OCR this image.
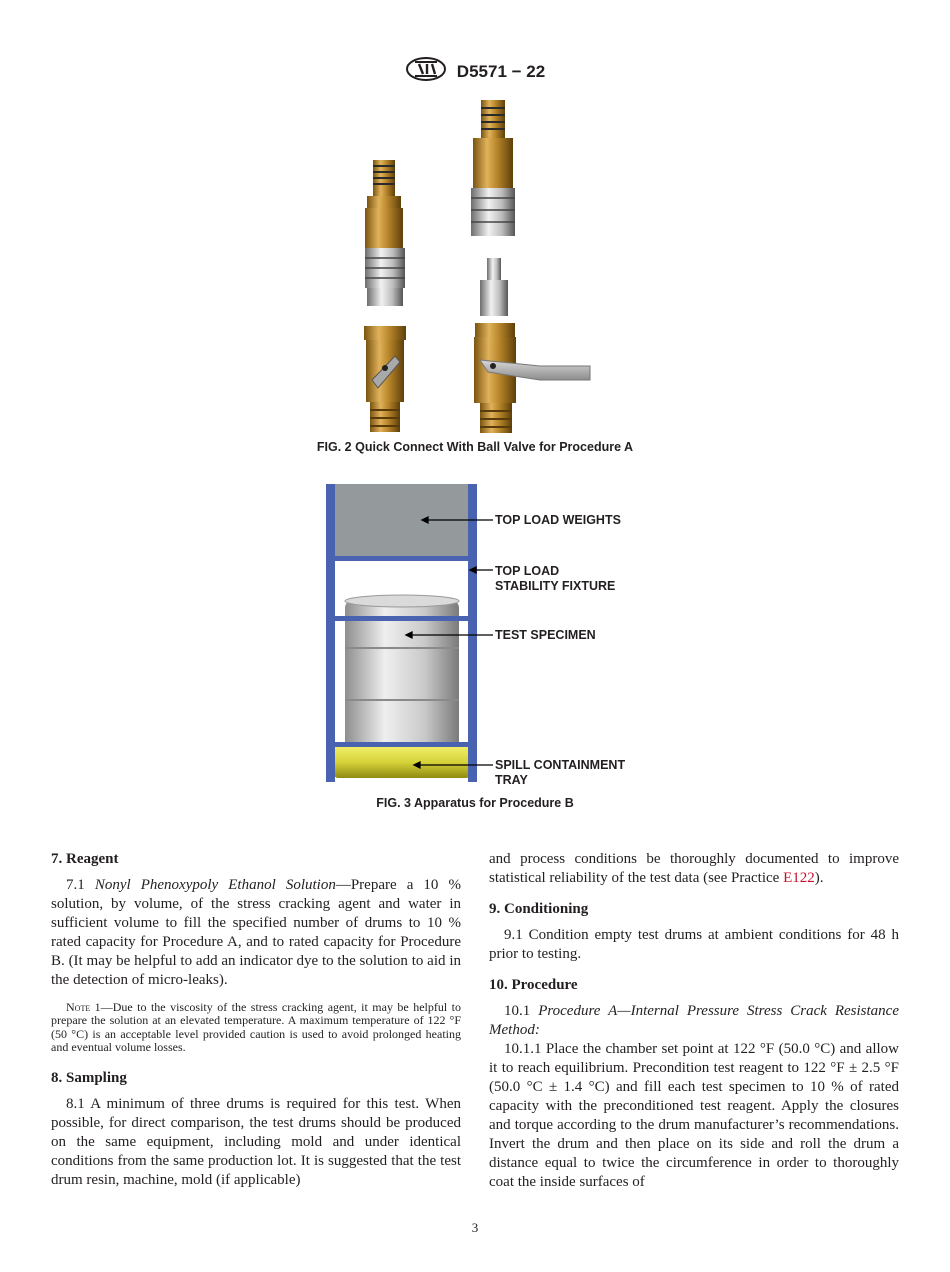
D5571 − 22
FIG. 2 Quick Connect With Ball Valve for Procedure A
TOP LOAD WEIGHTS
TOP LOAD
STABILITY FIXTURE
TEST SPECIMEN
SPILL CONTAINMENT
TRAY
FIG. 3 Apparatus for Procedure B

7. Reagent

7.1 Nonyl Phenoxypoly Ethanol Solution—Prepare a 10 % solution, by volume, of the stress cracking agent and water in sufficient volume to fill the specified number of drums to 10 % rated capacity for Procedure A, and to rated capacity for Procedure B. (It may be helpful to add an indicator dye to the solution to aid in the detection of micro-leaks).

Note 1—Due to the viscosity of the stress cracking agent, it may be helpful to prepare the solution at an elevated temperature. A maximum temperature of 122 °F (50 °C) is an acceptable level provided caution is used to avoid prolonged heating and eventual volume losses.

8. Sampling

8.1 A minimum of three drums is required for this test. When possible, for direct comparison, the test drums should be produced on the same equipment, including mold and under identical conditions from the same production lot. It is suggested that the test drum resin, machine, mold (if applicable)

and process conditions be thoroughly documented to improve statistical reliability of the test data (see Practice E122).

9. Conditioning

9.1 Condition empty test drums at ambient conditions for 48 h prior to testing.

10. Procedure

10.1 Procedure A—Internal Pressure Stress Crack Resistance Method:

10.1.1 Place the chamber set point at 122 °F (50.0 °C) and allow it to reach equilibrium. Precondition test reagent to 122 °F ± 2.5 °F (50.0 °C ± 1.4 °C) and fill each test specimen to 10 % of rated capacity with the preconditioned test reagent. Apply the closures and torque according to the drum manufacturer’s recommendations. Invert the drum and then place on its side and roll the drum a distance equal to twice the circumference in order to thoroughly coat the inside surfaces of

3
